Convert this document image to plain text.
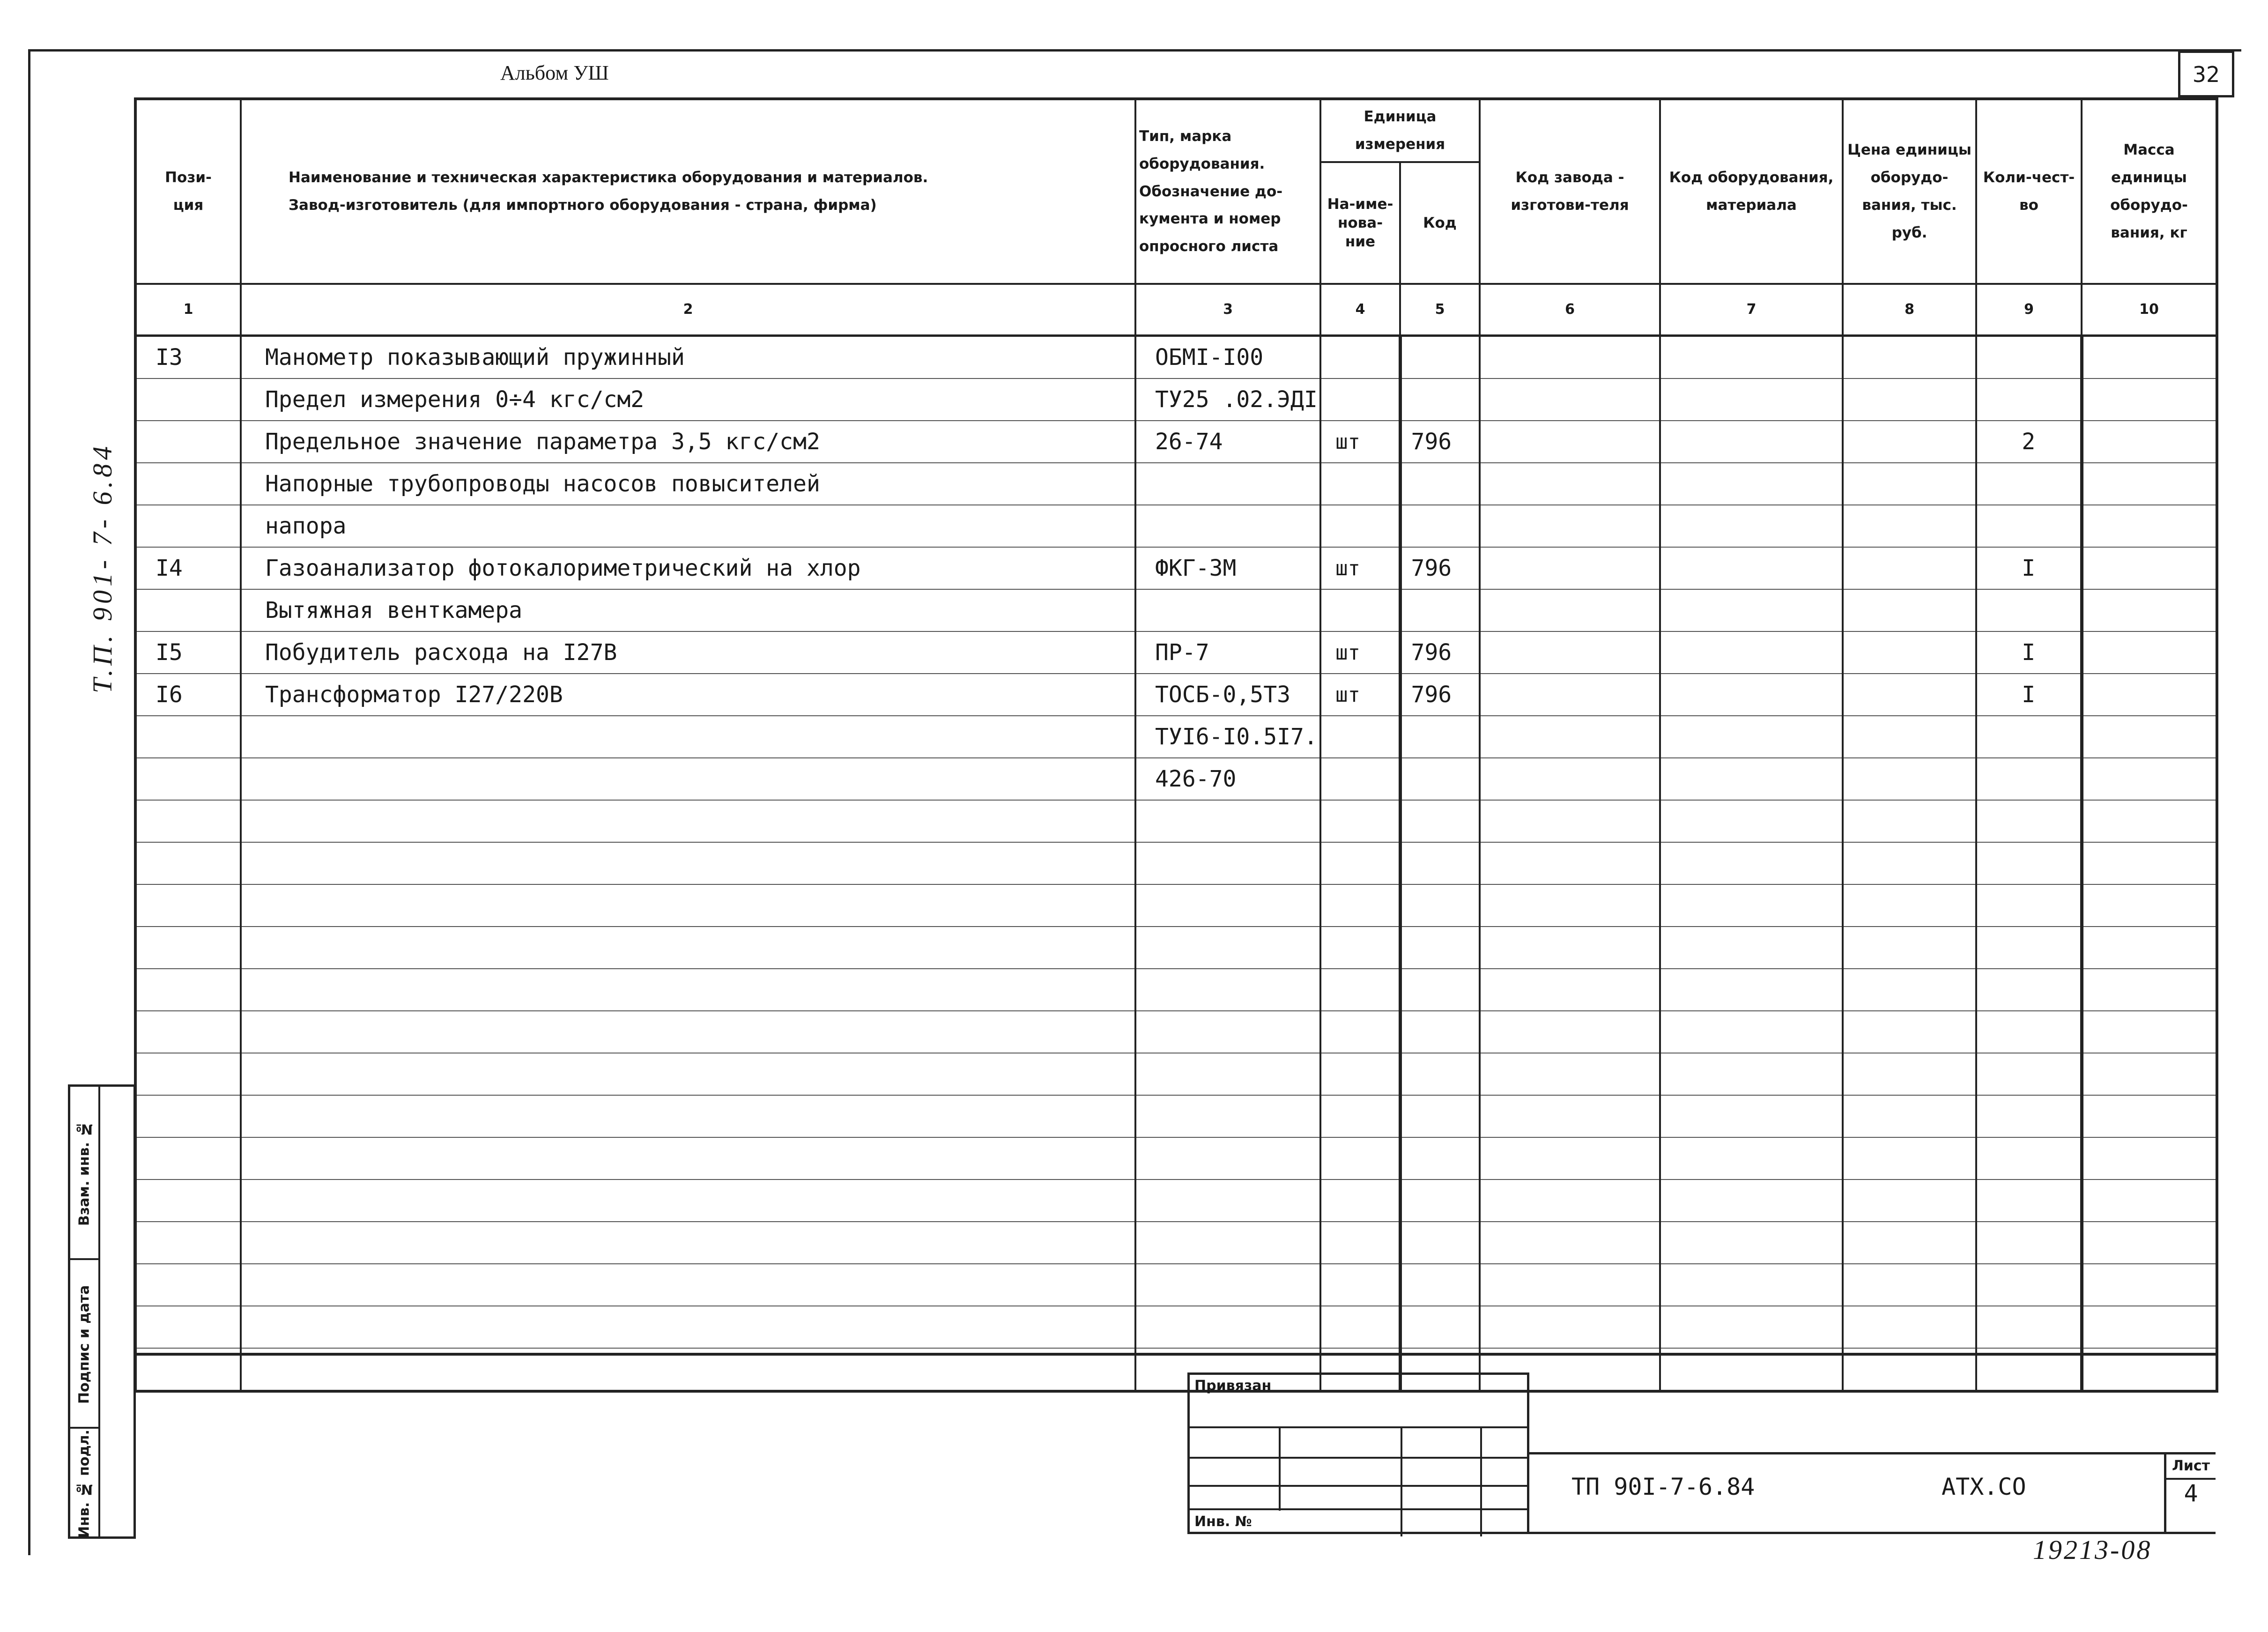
Альбом УШ	32
Т.П. 901- 7- 6.84
Пози-
ция	Наименование и техническая характеристика оборудования и материалов.
Завод-изготовитель (для импортного оборудования - страна, фирма)	Тип, марка оборудования. Обозначение до-кумента и номер опросного листа	Единица измерения		Код завода - изготови-теля	Код оборудования, материала	Цена единицы оборудо-вания, тыс. руб.	Коли-чест-во	Масса единицы оборудо-вания, кг
			На-име-нова-ние	Код					
1	2	3	4	5	6	7	8	9	10
I3	Манометр показывающий пружинный	ОБМI-I00							
	Предел измерения 0÷4 кгс/см2	ТУ25 .02.ЭДI							
	Предельное значение параметра 3,5 кгс/см2	26-74	шт	796				2	
	Напорные трубопроводы насосов повысителей								
	напора								
I4	Газоанализатор фотокалориметрический на хлор	ФКГ-3М	шт	796				I	
	Вытяжная венткамера								
I5	Побудитель расхода на I27В	ПР-7	шт	796				I	
I6	Трансформатор I27/220В	ТОСБ-0,5Т3	шт	796				I	
		ТУI6-I0.5I7.							
		426-70							

Взам. инв. №
Подпис и дата
Инв. № подл.
Привязан
Инв. №
ТП 90I-7-6.84	АТХ.СО
Лист
4
19213-08
